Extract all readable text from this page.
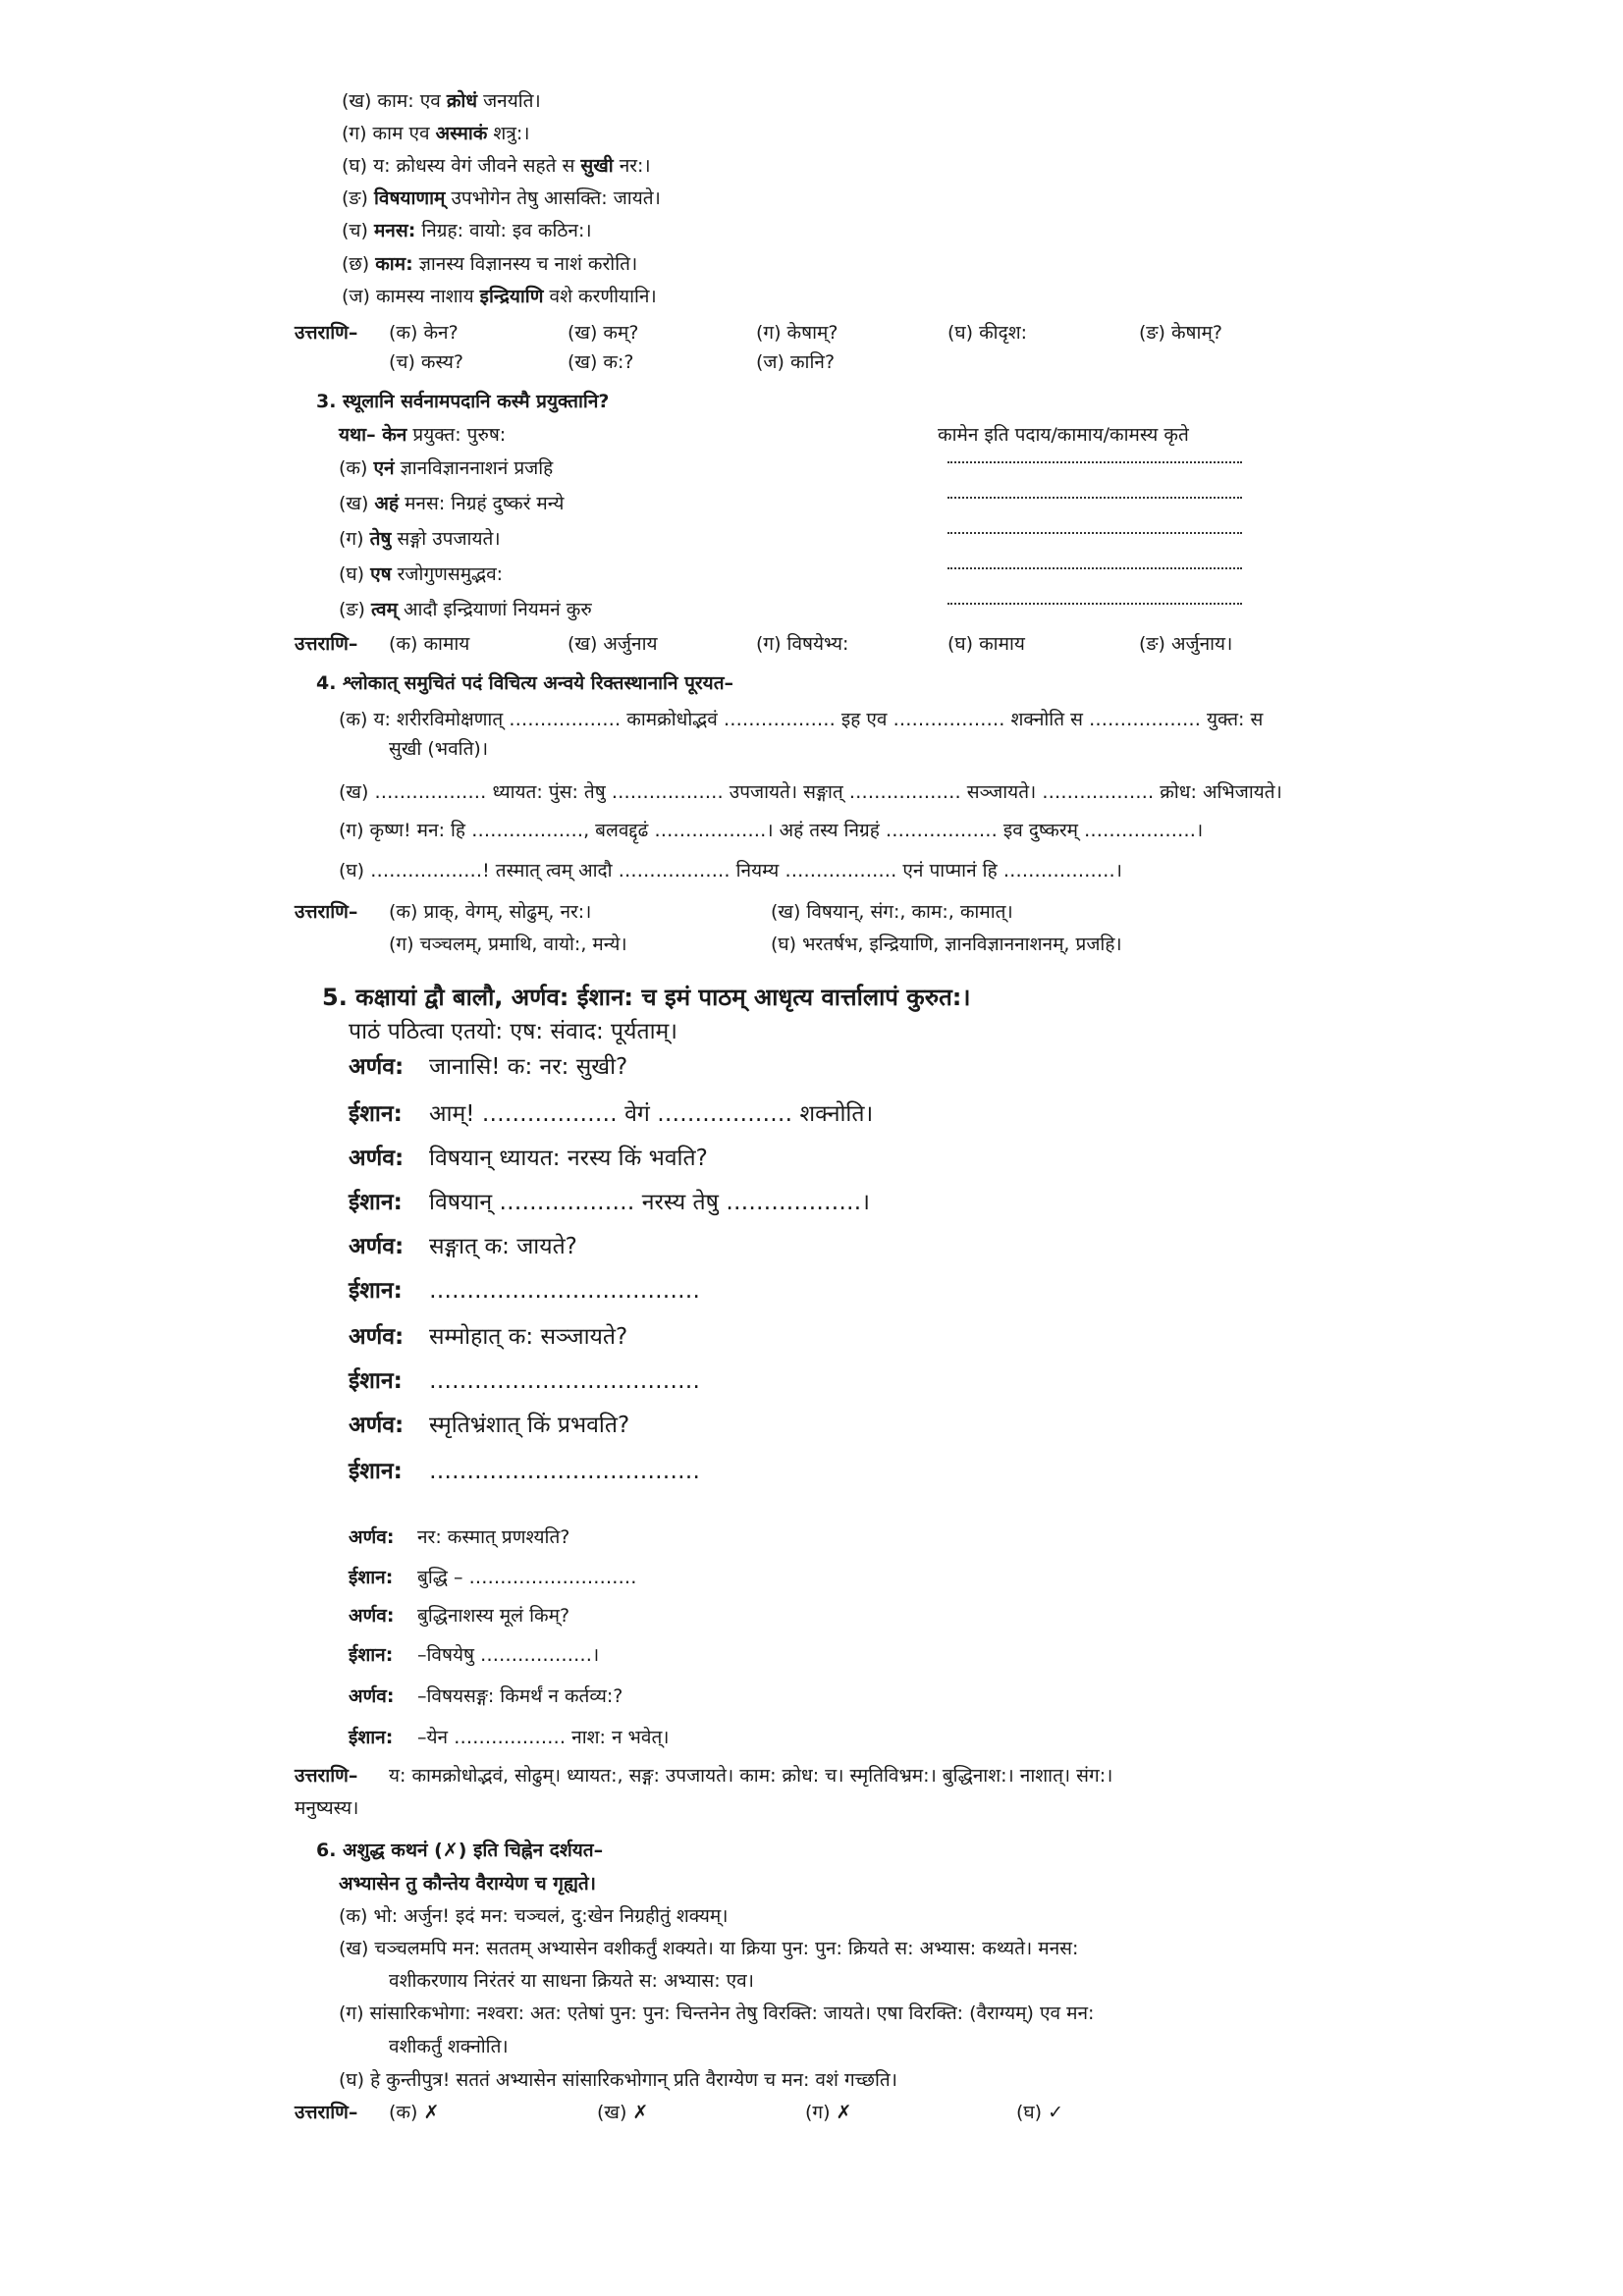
(ख) काम: एव क्रोधं जनयति।
(ग) काम एव अस्माकं शत्रु:।
(घ) य: क्रोधस्य वेगं जीवने सहते स सुखी नर:।
(ङ) विषयाणाम् उपभोगेन तेषु आसक्ति: जायते।
(च) मनस: निग्रह: वायो: इव कठिन:।
(छ) काम: ज्ञानस्य विज्ञानस्य च नाशं करोति।
(ज) कामस्य नाशाय इन्द्रियाणि वशे करणीयानि।
उत्तराणि– (क) केन?	(ख) कम्?	(ग) केषाम्?	(घ) कीदृश:	(ङ) केषाम्?
(च) कस्य?	(ख) क:?	(ज) कानि?
3. स्थूलानि सर्वनामपदानि कस्मै प्रयुक्तानि?
यथा– केन प्रयुक्त: पुरुष:	कामेन इति पदाय/कामाय/कामस्य कृते
(क) एनं ज्ञानविज्ञाननाशनं प्रजहि
(ख) अहं मनस: निग्रहं दुष्करं मन्ये
(ग) तेषु सङ्गो उपजायते।
(घ) एष रजोगुणसमुद्भव:
(ङ) त्वम् आदौ इन्द्रियाणां नियमनं कुरु
उत्तराणि– (क) कामाय	(ख) अर्जुनाय	(ग) विषयेभ्य:	(घ) कामाय	(ङ) अर्जुनाय।
4. श्लोकात् समुचितं पदं विचित्य अन्वये रिक्तस्थानानि पूरयत–
(क) य: शरीरविमोक्षणात् ……………… कामक्रोधोद्भवं ……………… इह एव ……………… शक्नोति स ……………… युक्त: स
सुखी (भवति)।
(ख) ……………… ध्यायत: पुंस: तेषु ……………… उपजायते। सङ्गात् ……………… सञ्जायते। ……………… क्रोध: अभिजायते।
(ग) कृष्ण! मन: हि ………………, बलवद्दृढं ………………। अहं तस्य निग्रहं ……………… इव दुष्करम् ………………।
(घ) ………………! तस्मात् त्वम् आदौ ……………… नियम्य ……………… एनं पाप्मानं हि ………………।
उत्तराणि– (क) प्राक्, वेगम्, सोढुम्, नर:।	(ख) विषयान्, संग:, काम:, कामात्।
(ग) चञ्चलम्, प्रमाथि, वायो:, मन्ये।	(घ) भरतर्षभ, इन्द्रियाणि, ज्ञानविज्ञाननाशनम्, प्रजहि।
5. कक्षायां द्वौ बालौ, अर्णव: ईशान: च इमं पाठम् आधृत्य वार्त्तालापं कुरुत:।
पाठं पठित्वा एतयो: एष: संवाद: पूर्यताम्।
अर्णव: जानासि! क: नर: सुखी?
ईशान: आम्! ……………… वेगं ……………… शक्नोति।
अर्णव: विषयान् ध्यायत: नरस्य किं भवति?
ईशान: विषयान् ……………… नरस्य तेषु ………………।
अर्णव: सङ्गात् क: जायते?
ईशान: ………………………………
अर्णव: सम्मोहात् क: सञ्जायते?
ईशान: ………………………………
अर्णव: स्मृतिभ्रंशात् किं प्रभवति?
ईशान: ………………………………
अर्णव: नर: कस्मात् प्रणश्यति?
ईशान: बुद्धि – ………………………
अर्णव: बुद्धिनाशस्य मूलं किम्?
ईशान: –विषयेषु ………………।
अर्णव: –विषयसङ्ग: किमर्थं न कर्तव्य:?
ईशान: –येन ……………… नाश: न भवेत्।
उत्तराणि– य: कामक्रोधोद्भवं, सोढुम्। ध्यायत:, सङ्ग: उपजायते। काम: क्रोध: च। स्मृतिविभ्रम:। बुद्धिनाश:। नाशात्। संग:।
मनुष्यस्य।
6. अशुद्ध कथनं (✗) इति चिह्नेन दर्शयत–
अभ्यासेन तु कौन्तेय वैराग्येण च गृह्यते।
(क) भो: अर्जुन! इदं मन: चञ्चलं, दु:खेन निग्रहीतुं शक्यम्।
(ख) चञ्चलमपि मन: सततम् अभ्यासेन वशीकर्तुं शक्यते। या क्रिया पुन: पुन: क्रियते स: अभ्यास: कथ्यते। मनस:
वशीकरणाय निरंतरं या साधना क्रियते स: अभ्यास: एव।
(ग) सांसारिकभोगा: नश्वरा: अत: एतेषां पुन: पुन: चिन्तनेन तेषु विरक्ति: जायते। एषा विरक्ति: (वैराग्यम्) एव मन:
वशीकर्तुं शक्नोति।
(घ) हे कुन्तीपुत्र! सततं अभ्यासेन सांसारिकभोगान् प्रति वैराग्येण च मन: वशं गच्छति।
उत्तराणि– (क) ✗	(ख) ✗	(ग) ✗	(घ) ✓
